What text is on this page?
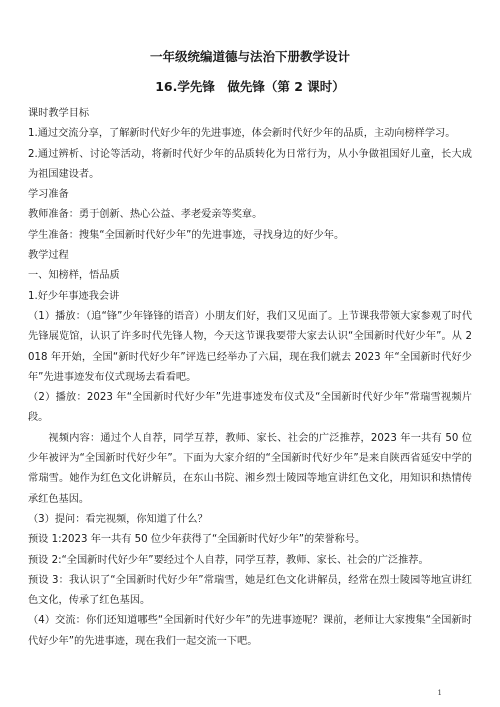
一年级统编道德与法治下册教学设计
16.学先锋　做先锋（第 2 课时）

课时教学目标

1.通过交流分享，了解新时代好少年的先进事迹，体会新时代好少年的品质，主动向榜样学习。

2.通过辨析、讨论等活动，将新时代好少年的品质转化为日常行为，从小争做祖国好儿童，长大成为祖国建设者。

学习准备

教师准备：勇于创新、热心公益、孝老爱亲等奖章。

学生准备：搜集“全国新时代好少年”的先进事迹，寻找身边的好少年。

教学过程

一、知榜样，悟品质

1.好少年事迹我会讲

（1）播放：（追“锋”少年锋锋的语音）小朋友们好，我们又见面了。上节课我带领大家参观了时代先锋展览馆，认识了许多时代先锋人物，今天这节课我要带大家去认识“全国新时代好少年”。从 2018 年开始，全国“新时代好少年”评选已经举办了六届，现在我们就去 2023 年“全国新时代好少年”先进事迹发布仪式现场去看看吧。

（2）播放：2023 年“全国新时代好少年”先进事迹发布仪式及“全国新时代好少年”常瑞雪视频片段。

视频内容：通过个人自荐，同学互荐，教师、家长、社会的广泛推荐，2023 年一共有 50 位少年被评为“全国新时代好少年”。下面为大家介绍的“全国新时代好少年”是来自陕西省延安中学的常瑞雪。她作为红色文化讲解员，在东山书院、湘乡烈士陵园等地宣讲红色文化，用知识和热情传承红色基因。

（3）提问：看完视频，你知道了什么？

预设 1:2023 年一共有 50 位少年获得了“全国新时代好少年”的荣誉称号。

预设 2:“全国新时代好少年”要经过个人自荐，同学互荐，教师、家长、社会的广泛推荐。

预设 3：我认识了“全国新时代好少年”常瑞雪，她是红色文化讲解员，经常在烈士陵园等地宣讲红色文化，传承了红色基因。

（4）交流：你们还知道哪些“全国新时代好少年”的先进事迹呢？课前，老师让大家搜集“全国新时代好少年”的先进事迹，现在我们一起交流一下吧。

1
